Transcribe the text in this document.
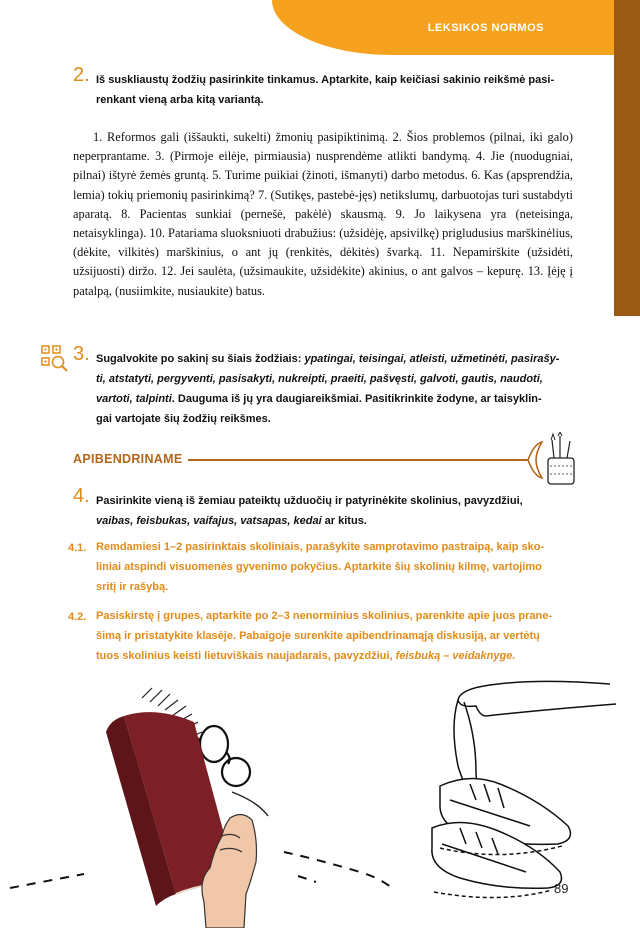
LEKSIKOS NORMOS
2. Iš suskliaustų žodžių pasirinkite tinkamus. Aptarkite, kaip keičiasi sakinio reikšmė pasi-
renkant vieną arba kitą variantą.
1. Reformos gali (iššaukti, sukelti) žmonių pasipiktinimą. 2. Šios problemos (pilnai, iki galo) neperprantame. 3. (Pirmoje eilėje, pirmiausia) nusprendėme atlikti bandymą. 4. Jie (nuodugniai, pilnai) ištyrė žemės gruntą. 5. Turime puikiai (žinoti, išmanyti) darbo metodus. 6. Kas (apsprendžia, lemia) tokių priemonių pasirinkimą? 7. (Sutikęs, pastebė-jęs) netikslumų, darbuotojas turi sustabdyti aparatą. 8. Pacientas sunkiai (pernešė, pakėlė) skausmą. 9. Jo laikysena yra (neteisinga, netaisyklinga). 10. Patariama sluoksniuoti drabužius: (užsidėję, apsivilkę) prigludusius marškinėlius, (dėkite, vilkitės) marškinius, o ant jų (renkitės, dėkitės) švarką. 11. Nepamirškite (užsidėti, užsijuosti) diržo. 12. Jei saulėta, (užsimaukite, užsidėkite) akinius, o ant galvos – kepurę. 13. Įėję į patalpą, (nusiimkite, nusiaukite) batus.
3. Sugalvokite po sakinį su šiais žodžiais: ypatingai, teisingai, atleisti, užmetinėti, pasirašy-
ti, atstatyti, pergyventi, pasisakyti, nukreipti, praeiti, pašvęsti, galvoti, gautis, naudoti,
vartoti, talpinti. Dauguma iš jų yra daugiareikšmiai. Pasitikrinkite žodyne, ar taisyklin-
gai vartojate šių žodžių reikšmes.
APIBENDRINAME
4. Pasirinkite vieną iš žemiau pateiktų užduočių ir patyrinėkite skolinius, pavyzdžiui,
vaibas, feisbukas, vaifajus, vatsapas, kedai ar kitus.
4.1. Remdamiesi 1–2 pasirinktais skoliniais, parašykite samprotavimo pastraipą, kaip sko-
liniai atspindi visuomenės gyvenimo pokyčius. Aptarkite šių skolinių kilmę, vartojimo
sritį ir rašybą.
4.2. Pasiskirstę į grupes, aptarkite po 2–3 nenorminius skolinius, parenkite apie juos prane-
šimą ir pristatykite klasėje. Pabaigoje surenkite apibendrinamąją diskusiją, ar vertėtų
tuos skolinius keisti lietuviškais naujadarais, pavyzdžiui, feisbuką – veidaknyge.
89
